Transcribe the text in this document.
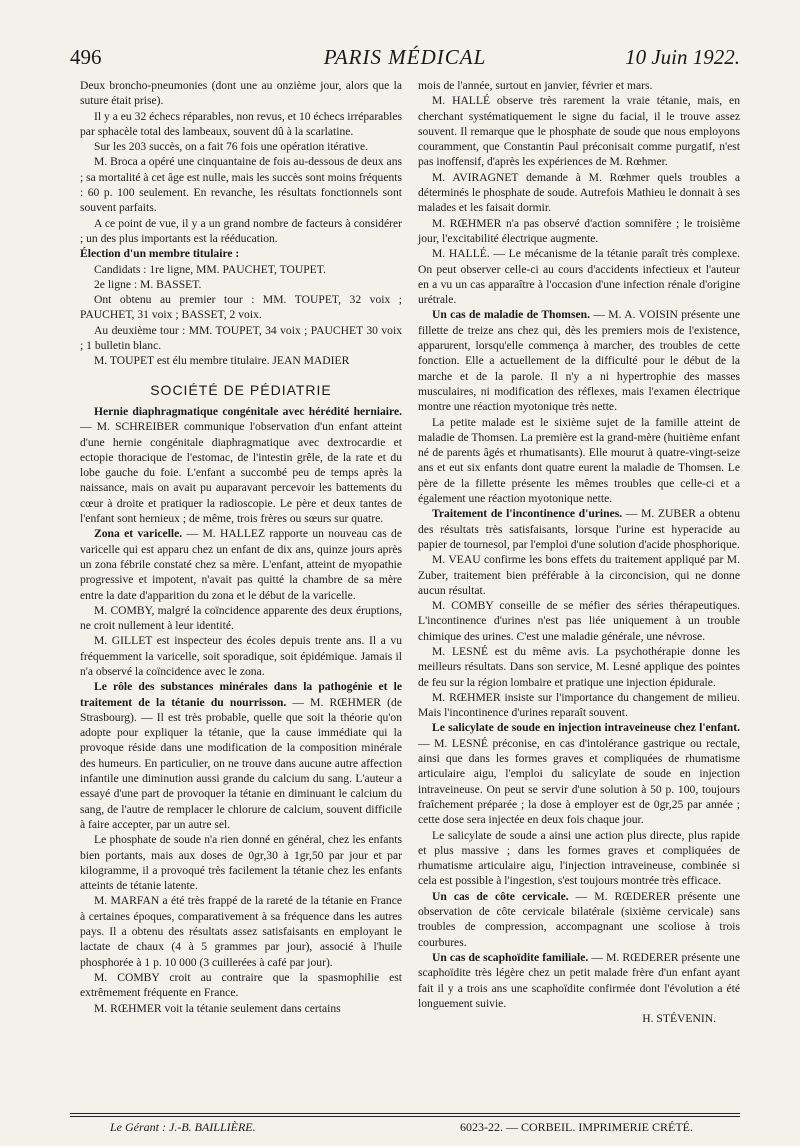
496	PARIS MÉDICAL	10 Juin 1922.

Deux broncho-pneumonies (dont une au onzième jour, alors que la suture était prise).

Il y a eu 32 échecs réparables, non revus, et 10 échecs irréparables par sphacèle total des lambeaux, souvent dû à la scarlatine.

Sur les 203 succès, on a fait 76 fois une opération itérative.

M. Broca a opéré une cinquantaine de fois au-dessous de deux ans ; sa mortalité à cet âge est nulle, mais les succès sont moins fréquents : 60 p. 100 seulement. En revanche, les résultats fonctionnels sont souvent parfaits.

A ce point de vue, il y a un grand nombre de facteurs à considérer ; un des plus importants est la rééducation.

Élection d'un membre titulaire :

Candidats : 1re ligne, MM. PAUCHET, TOUPET.

2e ligne : M. BASSET.

Ont obtenu au premier tour : MM. TOUPET, 32 voix ; PAUCHET, 31 voix ; BASSET, 2 voix.

Au deuxième tour : MM. TOUPET, 34 voix ; PAUCHET 30 voix ; 1 bulletin blanc.

M. TOUPET est élu membre titulaire. JEAN MADIER

SOCIÉTÉ DE PÉDIATRIE

Hernie diaphragmatique congénitale avec hérédité herniaire. — M. SCHREIBER communique l'observation d'un enfant atteint d'une hernie congénitale diaphragmatique avec dextrocardie et ectopie thoracique de l'estomac, de l'intestin grêle, de la rate et du lobe gauche du foie. L'enfant a succombé peu de temps après la naissance, mais on avait pu auparavant percevoir les battements du cœur à droite et pratiquer la radioscopie. Le père et deux tantes de l'enfant sont hernieux ; de même, trois frères ou sœurs sur quatre.

Zona et varicelle. — M. HALLEZ rapporte un nouveau cas de varicelle qui est apparu chez un enfant de dix ans, quinze jours après un zona fébrile constaté chez sa mère. L'enfant, atteint de myopathie progressive et impotent, n'avait pas quitté la chambre de sa mère entre la date d'apparition du zona et le début de la varicelle.

M. COMBY, malgré la coïncidence apparente des deux éruptions, ne croit nullement à leur identité.

M. GILLET est inspecteur des écoles depuis trente ans. Il a vu fréquemment la varicelle, soit sporadique, soit épidémique. Jamais il n'a observé la coïncidence avec le zona.

Le rôle des substances minérales dans la pathogénie et le traitement de la tétanie du nourrisson. — M. RŒHMER (de Strasbourg). — Il est très probable, quelle que soit la théorie qu'on adopte pour expliquer la tétanie, que la cause immédiate qui la provoque réside dans une modification de la composition minérale des humeurs. En particulier, on ne trouve dans aucune autre affection infantile une diminution aussi grande du calcium du sang. L'auteur a essayé d'une part de provoquer la tétanie en diminuant le calcium du sang, de l'autre de remplacer le chlorure de calcium, souvent difficile à faire accepter, par un autre sel.

Le phosphate de soude n'a rien donné en général, chez les enfants bien portants, mais aux doses de 0gr,30 à 1gr,50 par jour et par kilogramme, il a provoqué très facilement la tétanie chez les enfants atteints de tétanie latente.

M. MARFAN a été très frappé de la rareté de la tétanie en France à certaines époques, comparativement à sa fréquence dans les autres pays. Il a obtenu des résultats assez satisfaisants en employant le lactate de chaux (4 à 5 grammes par jour), associé à l'huile phosphorée à 1 p. 10 000 (3 cuillerées à café par jour).

M. COMBY croit au contraire que la spasmophilie est extrêmement fréquente en France.

M. RŒHMER voit la tétanie seulement dans certains

mois de l'année, surtout en janvier, février et mars.

M. HALLÉ observe très rarement la vraie tétanie, mais, en cherchant systématiquement le signe du facial, il le trouve assez souvent. Il remarque que le phosphate de soude que nous employons couramment, que Constantin Paul préconisait comme purgatif, n'est pas inoffensif, d'après les expériences de M. Rœhmer.

M. AVIRAGNET demande à M. Rœhmer quels troubles a déterminés le phosphate de soude. Autrefois Mathieu le donnait à ses malades et les faisait dormir.

M. RŒHMER n'a pas observé d'action somnifère ; le troisième jour, l'excitabilité électrique augmente.

M. HALLÉ. — Le mécanisme de la tétanie paraît très complexe. On peut observer celle-ci au cours d'accidents infectieux et l'auteur en a vu un cas apparaître à l'occasion d'une infection rénale d'origine urétrale.

Un cas de maladie de Thomsen. — M. A. VOISIN présente une fillette de treize ans chez qui, dès les premiers mois de l'existence, apparurent, lorsqu'elle commença à marcher, des troubles de cette fonction. Elle a actuellement de la difficulté pour le début de la marche et de la parole. Il n'y a ni hypertrophie des masses musculaires, ni modification des réflexes, mais l'examen électrique montre une réaction myotonique très nette.

La petite malade est le sixième sujet de la famille atteint de maladie de Thomsen. La première est la grand-mère (huitième enfant né de parents âgés et rhumatisants). Elle mourut à quatre-vingt-seize ans et eut six enfants dont quatre eurent la maladie de Thomsen. Le père de la fillette présente les mêmes troubles que celle-ci et a également une réaction myotonique nette.

Traitement de l'incontinence d'urines. — M. ZUBER a obtenu des résultats très satisfaisants, lorsque l'urine est hyperacide au papier de tournesol, par l'emploi d'une solution d'acide phosphorique.

M. VEAU confirme les bons effets du traitement appliqué par M. Zuber, traitement bien préférable à la circoncision, qui ne donne aucun résultat.

M. COMBY conseille de se méfier des séries thérapeutiques. L'incontinence d'urines n'est pas liée uniquement à un trouble chimique des urines. C'est une maladie générale, une névrose.

M. LESNÉ est du même avis. La psychothérapie donne les meilleurs résultats. Dans son service, M. Lesné applique des pointes de feu sur la région lombaire et pratique une injection épidurale.

M. RŒHMER insiste sur l'importance du changement de milieu. Mais l'incontinence d'urines reparaît souvent.

Le salicylate de soude en injection intraveineuse chez l'enfant. — M. LESNÉ préconise, en cas d'intolérance gastrique ou rectale, ainsi que dans les formes graves et compliquées de rhumatisme articulaire aigu, l'emploi du salicylate de soude en injection intraveineuse. On peut se servir d'une solution à 50 p. 100, toujours fraîchement préparée ; la dose à employer est de 0gr,25 par année ; cette dose sera injectée en deux fois chaque jour.

Le salicylate de soude a ainsi une action plus directe, plus rapide et plus massive ; dans les formes graves et compliquées de rhumatisme articulaire aigu, l'injection intraveineuse, combinée si cela est possible à l'ingestion, s'est toujours montrée très efficace.

Un cas de côte cervicale. — M. RŒDERER présente une observation de côte cervicale bilatérale (sixième cervicale) sans troubles de compression, accompagnant une scoliose à trois courbures.

Un cas de scaphoïdite familiale. — M. RŒDERER présente une scaphoïdite très légère chez un petit malade frère d'un enfant ayant fait il y a trois ans une scaphoïdite confirmée dont l'évolution a été longuement suivie.

H. STÉVENIN.

Le Gérant : J.-B. BAILLIÈRE.	6023-22. — CORBEIL. IMPRIMERIE CRÉTÉ.
